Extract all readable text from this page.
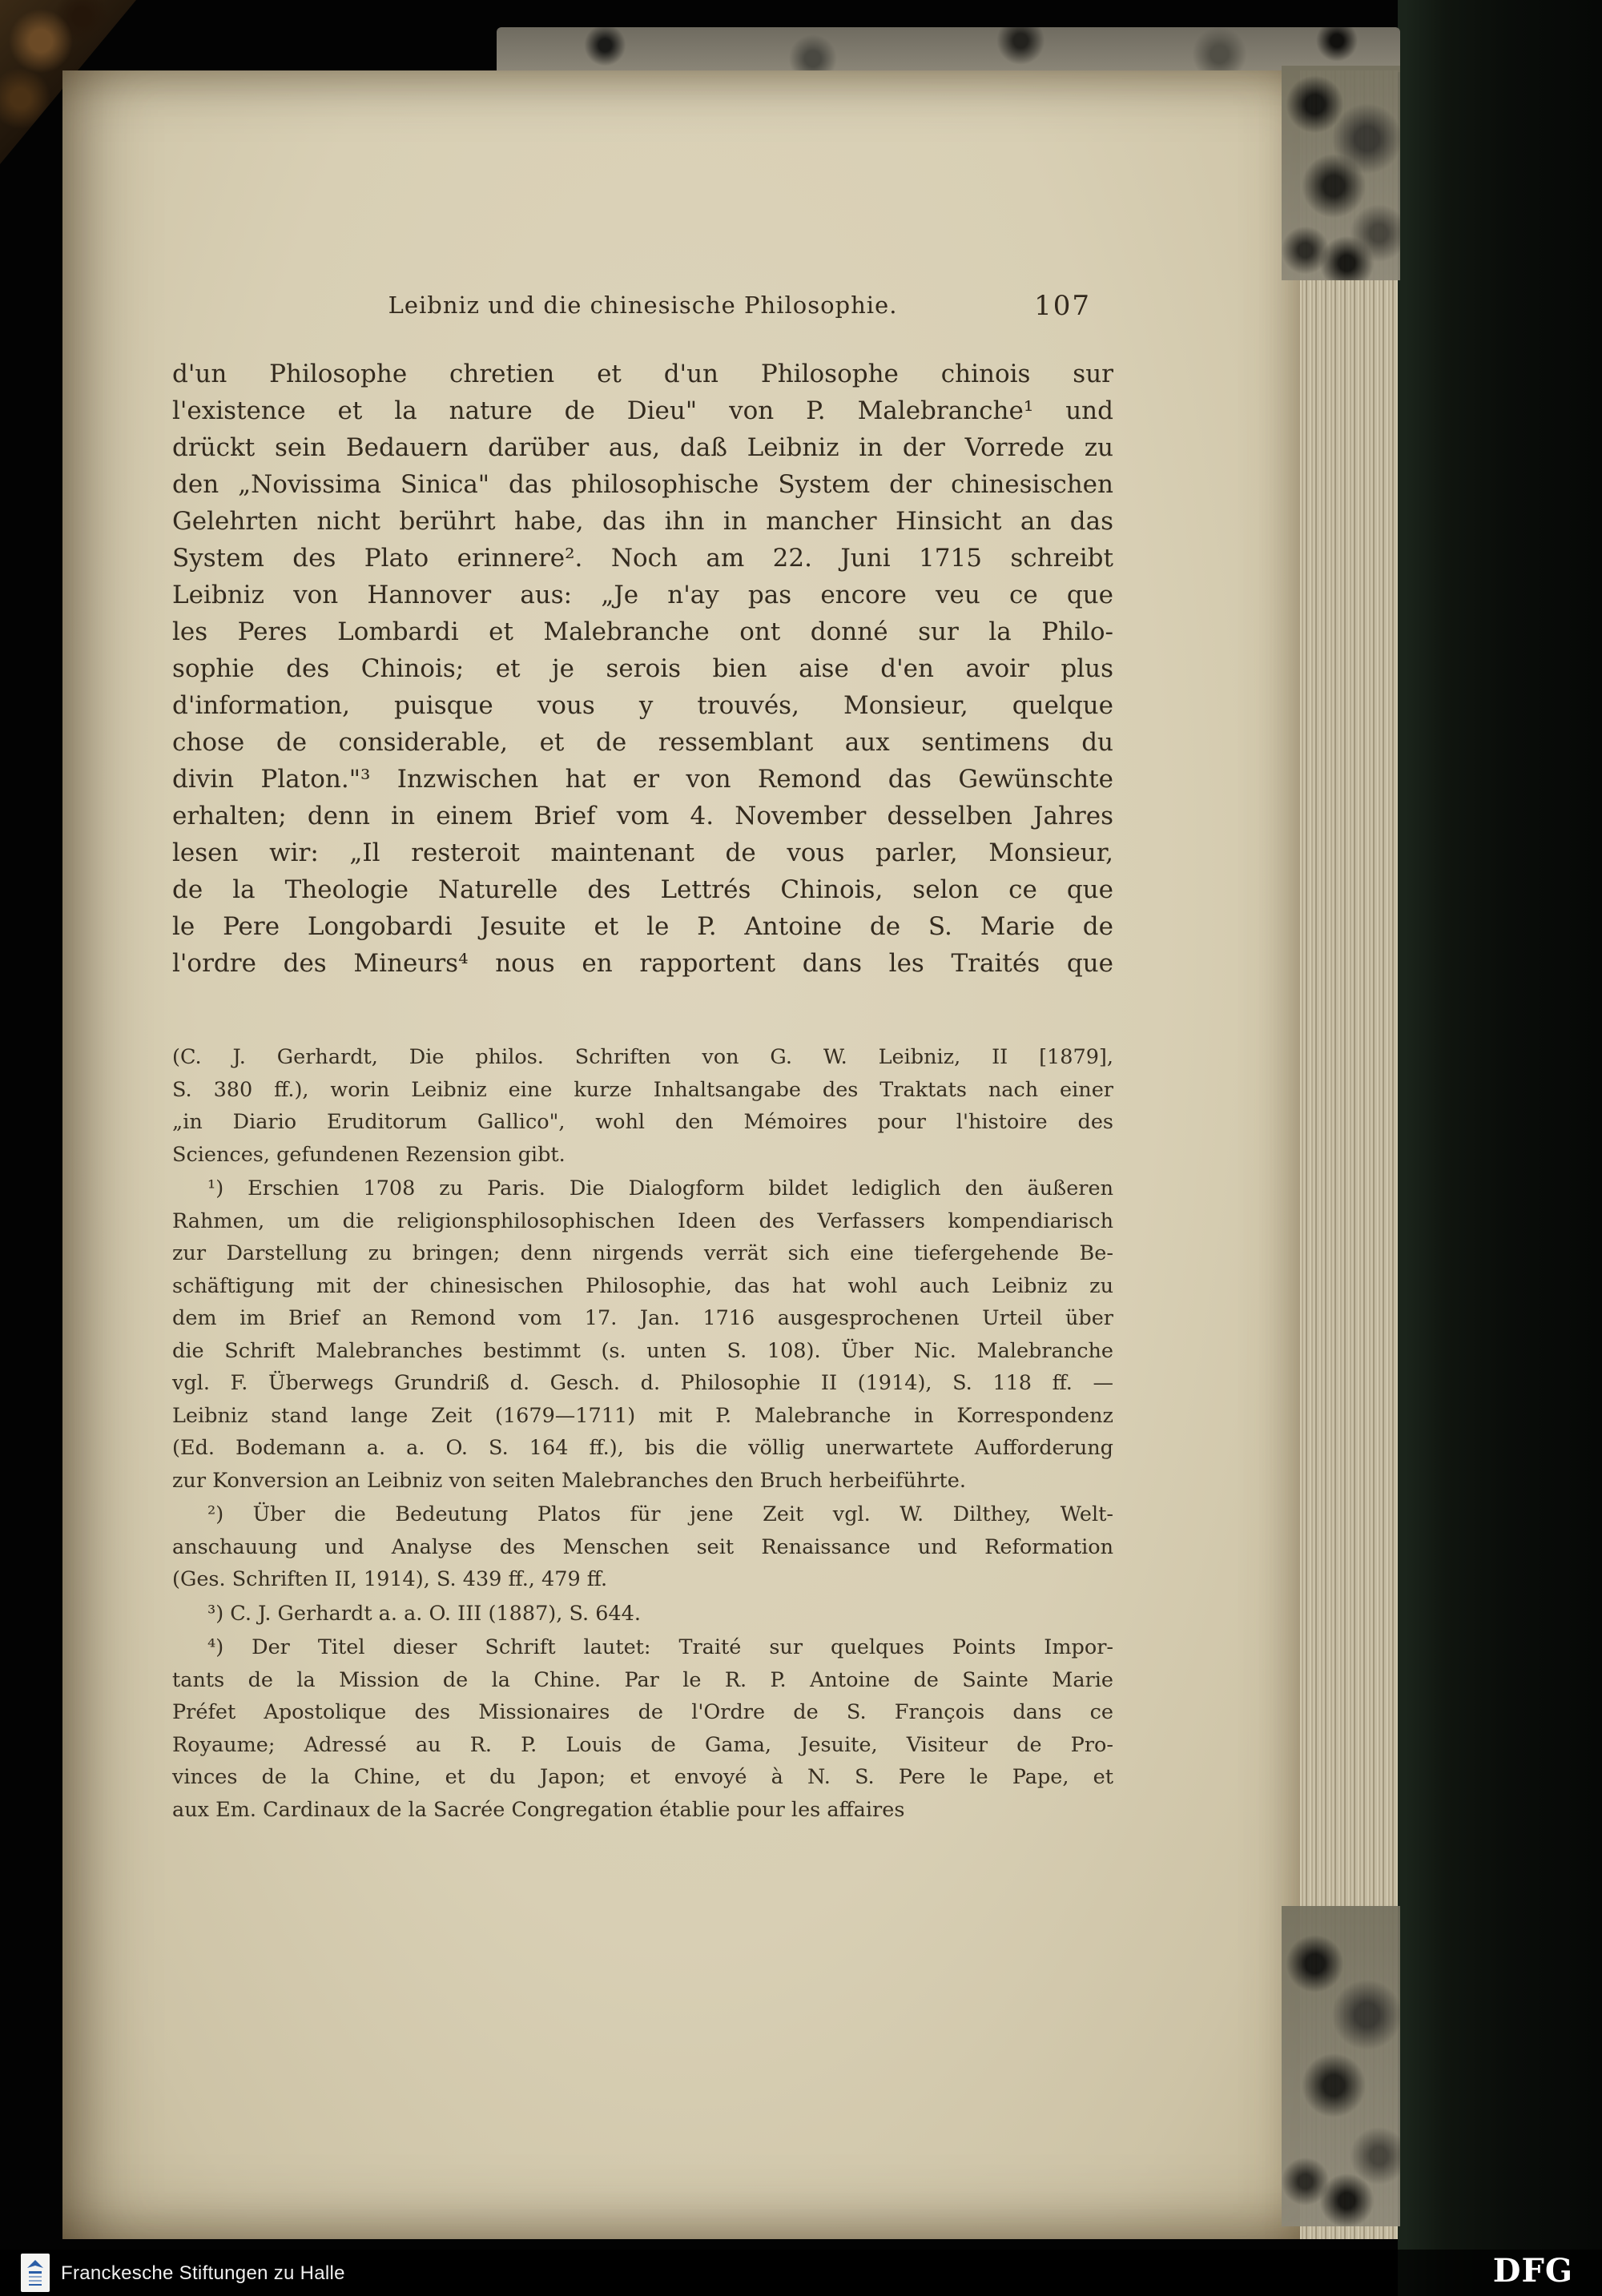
Leibniz und die chinesische Philosophie.	107
d'un Philosophe chretien et d'un Philosophe chinois sur
l'existence et la nature de Dieu" von P. Malebranche¹ und
drückt sein Bedauern darüber aus, daß Leibniz in der Vorrede zu
den „Novissima Sinica" das philosophische System der chinesischen
Gelehrten nicht berührt habe, das ihn in mancher Hinsicht an das
System des Plato erinnere². Noch am 22. Juni 1715 schreibt
Leibniz von Hannover aus: „Je n'ay pas encore veu ce que
les Peres Lombardi et Malebranche ont donné sur la Philo-
sophie des Chinois; et je serois bien aise d'en avoir plus
d'information, puisque vous y trouvés, Monsieur, quelque
chose de considerable, et de ressemblant aux sentimens du
divin Platon."³ Inzwischen hat er von Remond das Gewünschte
erhalten; denn in einem Brief vom 4. November desselben Jahres
lesen wir: „Il resteroit maintenant de vous parler, Monsieur,
de la Theologie Naturelle des Lettrés Chinois, selon ce que
le Pere Longobardi Jesuite et le P. Antoine de S. Marie de
l'ordre des Mineurs⁴ nous en rapportent dans les Traités que
(C. J. Gerhardt, Die philos. Schriften von G. W. Leibniz, II [1879],
S. 380 ff.), worin Leibniz eine kurze Inhaltsangabe des Traktats nach einer
„in Diario Eruditorum Gallico", wohl den Mémoires pour l'histoire des
Sciences, gefundenen Rezension gibt.
¹) Erschien 1708 zu Paris. Die Dialogform bildet lediglich den äußeren
Rahmen, um die religionsphilosophischen Ideen des Verfassers kompendiarisch
zur Darstellung zu bringen; denn nirgends verrät sich eine tiefergehende Be-
schäftigung mit der chinesischen Philosophie, das hat wohl auch Leibniz zu
dem im Brief an Remond vom 17. Jan. 1716 ausgesprochenen Urteil über
die Schrift Malebranches bestimmt (s. unten S. 108). Über Nic. Malebranche
vgl. F. Überwegs Grundriß d. Gesch. d. Philosophie II (1914), S. 118 ff. —
Leibniz stand lange Zeit (1679—1711) mit P. Malebranche in Korrespondenz
(Ed. Bodemann a. a. O. S. 164 ff.), bis die völlig unerwartete Aufforderung
zur Konversion an Leibniz von seiten Malebranches den Bruch herbeiführte.
²) Über die Bedeutung Platos für jene Zeit vgl. W. Dilthey, Welt-
anschauung und Analyse des Menschen seit Renaissance und Reformation
(Ges. Schriften II, 1914), S. 439 ff., 479 ff.
³) C. J. Gerhardt a. a. O. III (1887), S. 644.
⁴) Der Titel dieser Schrift lautet: Traité sur quelques Points Impor-
tants de la Mission de la Chine. Par le R. P. Antoine de Sainte Marie
Préfet Apostolique des Missionaires de l'Ordre de S. François dans ce
Royaume; Adressé au R. P. Louis de Gama, Jesuite, Visiteur de Pro-
vinces de la Chine, et du Japon; et envoyé à N. S. Pere le Pape, et
aux Em. Cardinaux de la Sacrée Congregation établie pour les affaires
Franckesche Stiftungen zu Halle	DFG
